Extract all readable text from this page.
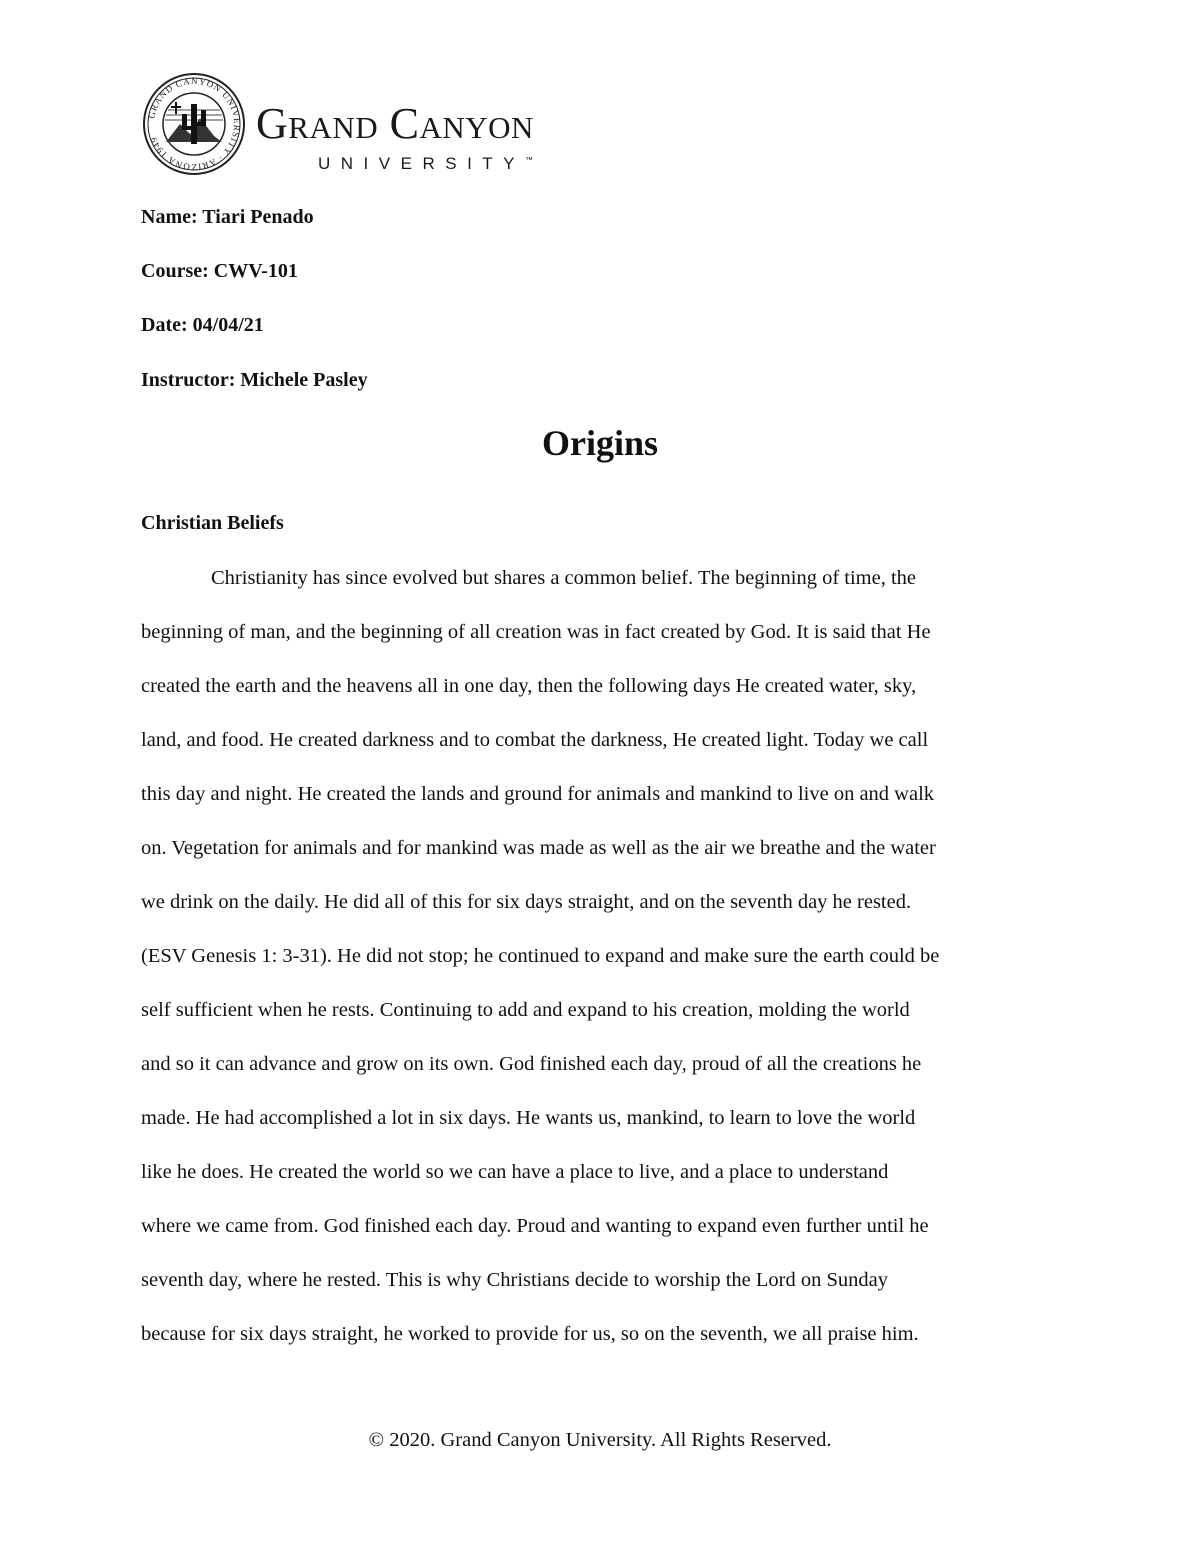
GRAND CANYON UNIVERSITY · ARIZONA 1949	Grand Canyon
UNIVERSITY™
Name: Tiari Penado
Course: CWV-101
Date: 04/04/21
Instructor: Michele Pasley
Origins
Christian Beliefs
Christianity has since evolved but shares a common belief. The beginning of time, the
beginning of man, and the beginning of all creation was in fact created by God. It is said that He
created the earth and the heavens all in one day, then the following days He created water, sky,
land, and food. He created darkness and to combat the darkness, He created light. Today we call
this day and night. He created the lands and ground for animals and mankind to live on and walk
on. Vegetation for animals and for mankind was made as well as the air we breathe and the water
we drink on the daily. He did all of this for six days straight, and on the seventh day he rested.
(ESV Genesis 1: 3-31). He did not stop; he continued to expand and make sure the earth could be
self sufficient when he rests. Continuing to add and expand to his creation, molding the world
and so it can advance and grow on its own. God finished each day, proud of all the creations he
made. He had accomplished a lot in six days. He wants us, mankind, to learn to love the world
like he does. He created the world so we can have a place to live, and a place to understand
where we came from. God finished each day. Proud and wanting to expand even further until he
seventh day, where he rested. This is why Christians decide to worship the Lord on Sunday
because for six days straight, he worked to provide for us, so on the seventh, we all praise him.
© 2020. Grand Canyon University. All Rights Reserved.
